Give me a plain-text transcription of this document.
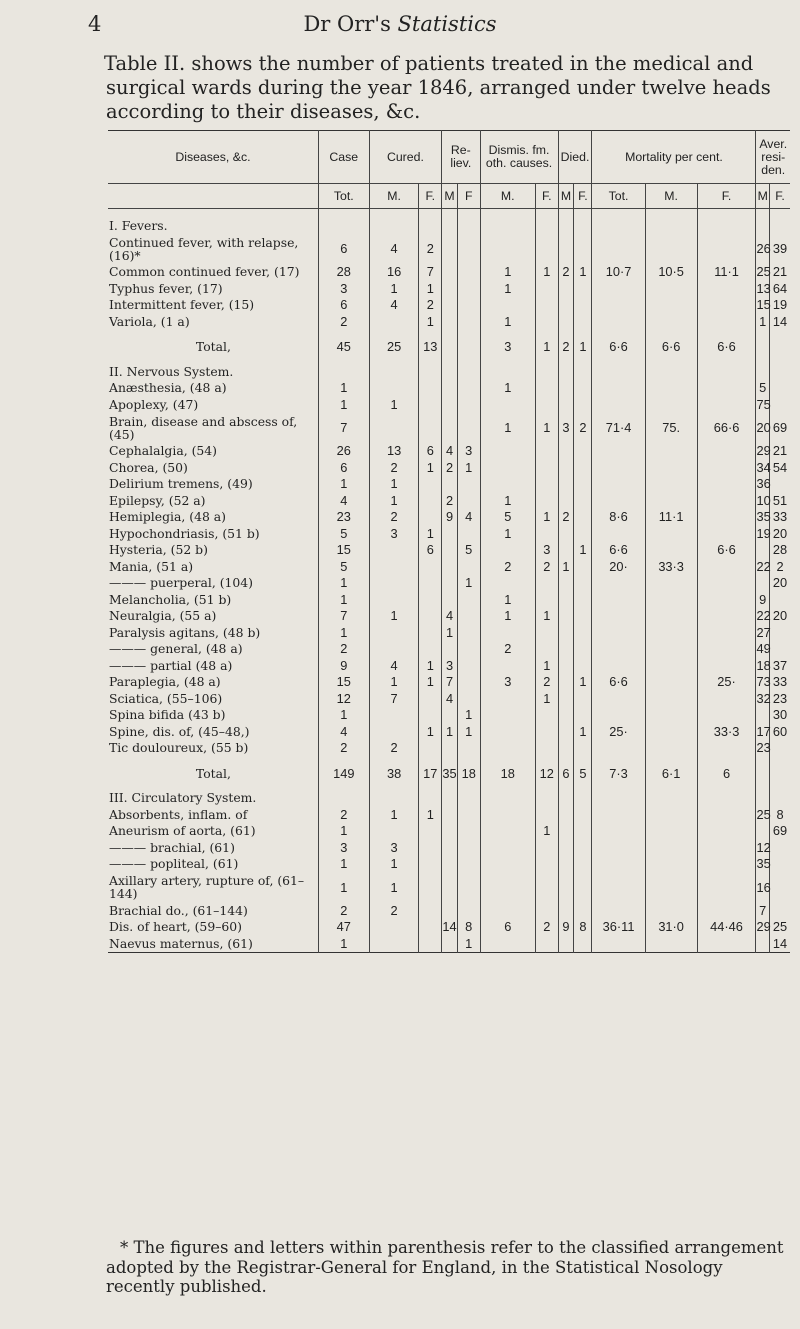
4	Dr Orr's Statistics

Table II. shows the number of patients treated in the medical and surgical wards during the year 1846, arranged under twelve heads according to their diseases, &c.

Diseases, &c.	Case	Cured.		Re- liev.		Dismis. fm. oth. causes.		Died.		Mortality per cent.			Aver. resi- den.	
	Tot.	M.	F.	M	F	M.	F.	M	F.	Tot.	M.	F.	M	F.
I. Fevers.														
Continued fever, with relapse, (16)*	6	4	2										26	39
Common continued fever, (17)	28	16	7			1	1	2	1	10·7	10·5	11·1	25	21
Typhus fever, (17)	3	1	1			1							13	64
Intermittent fever, (15)	6	4	2										15	19
Variola, (1 a)	2		1			1							1	14

Total,	45	25	13			3	1	2	1	6·6	6·6	6·6		
II. Nervous System.														
Anæsthesia, (48 a)	1					1							5	
Apoplexy, (47)	1	1											75	
Brain, disease and abscess of, (45)	7					1	1	3	2	71·4	75.	66·6	20	69
Cephalalgia, (54)	26	13	6	4	3								29	21
Chorea, (50)	6	2	1	2	1								34	54
Delirium tremens, (49)	1	1											36	
Epilepsy, (52 a)	4	1		2		1							10	51
Hemiplegia, (48 a)	23	2		9	4	5	1	2		8·6	11·1		35	33
Hypochondriasis, (51 b)	5	3	1			1							19	20
Hysteria, (52 b)	15		6		5		3		1	6·6		6·6		28
Mania, (51 a)	5					2	2	1		20·	33·3		22	2
——— puerperal, (104)	1				1									20
Melancholia, (51 b)	1					1							9	
Neuralgia, (55 a)	7	1		4		1	1						22	20
Paralysis agitans, (48 b)	1			1									27	
——— general, (48 a)	2					2							49	
——— partial (48 a)	9	4	1	3			1						18	37
Paraplegia, (48 a)	15	1	1	7		3	2		1	6·6		25·	73	33
Sciatica, (55–106)	12	7		4			1						32	23
Spina bifida (43 b)	1				1									30
Spine, dis. of, (45–48,)	4		1	1	1				1	25·		33·3	17	60
Tic douloureux, (55 b)	2	2											23	

Total,	149	38	17	35	18	18	12	6	5	7·3	6·1	6		
III. Circulatory System.														
Absorbents, inflam. of	2	1	1										25	8
Aneurism of aorta, (61)	1						1							69
——— brachial, (61)	3	3											12	
——— popliteal, (61)	1	1											35	
Axillary artery, rupture of, (61–144)	1	1											16	
Brachial do., (61–144)	2	2											7	
Dis. of heart, (59–60)	47			14	8	6	2	9	8	36·11	31·0	44·46	29	25
Naevus maternus, (61)	1				1									14

* The figures and letters within parenthesis refer to the classified arrangement adopted by the Registrar-General for England, in the Statistical Nosology recently published.
